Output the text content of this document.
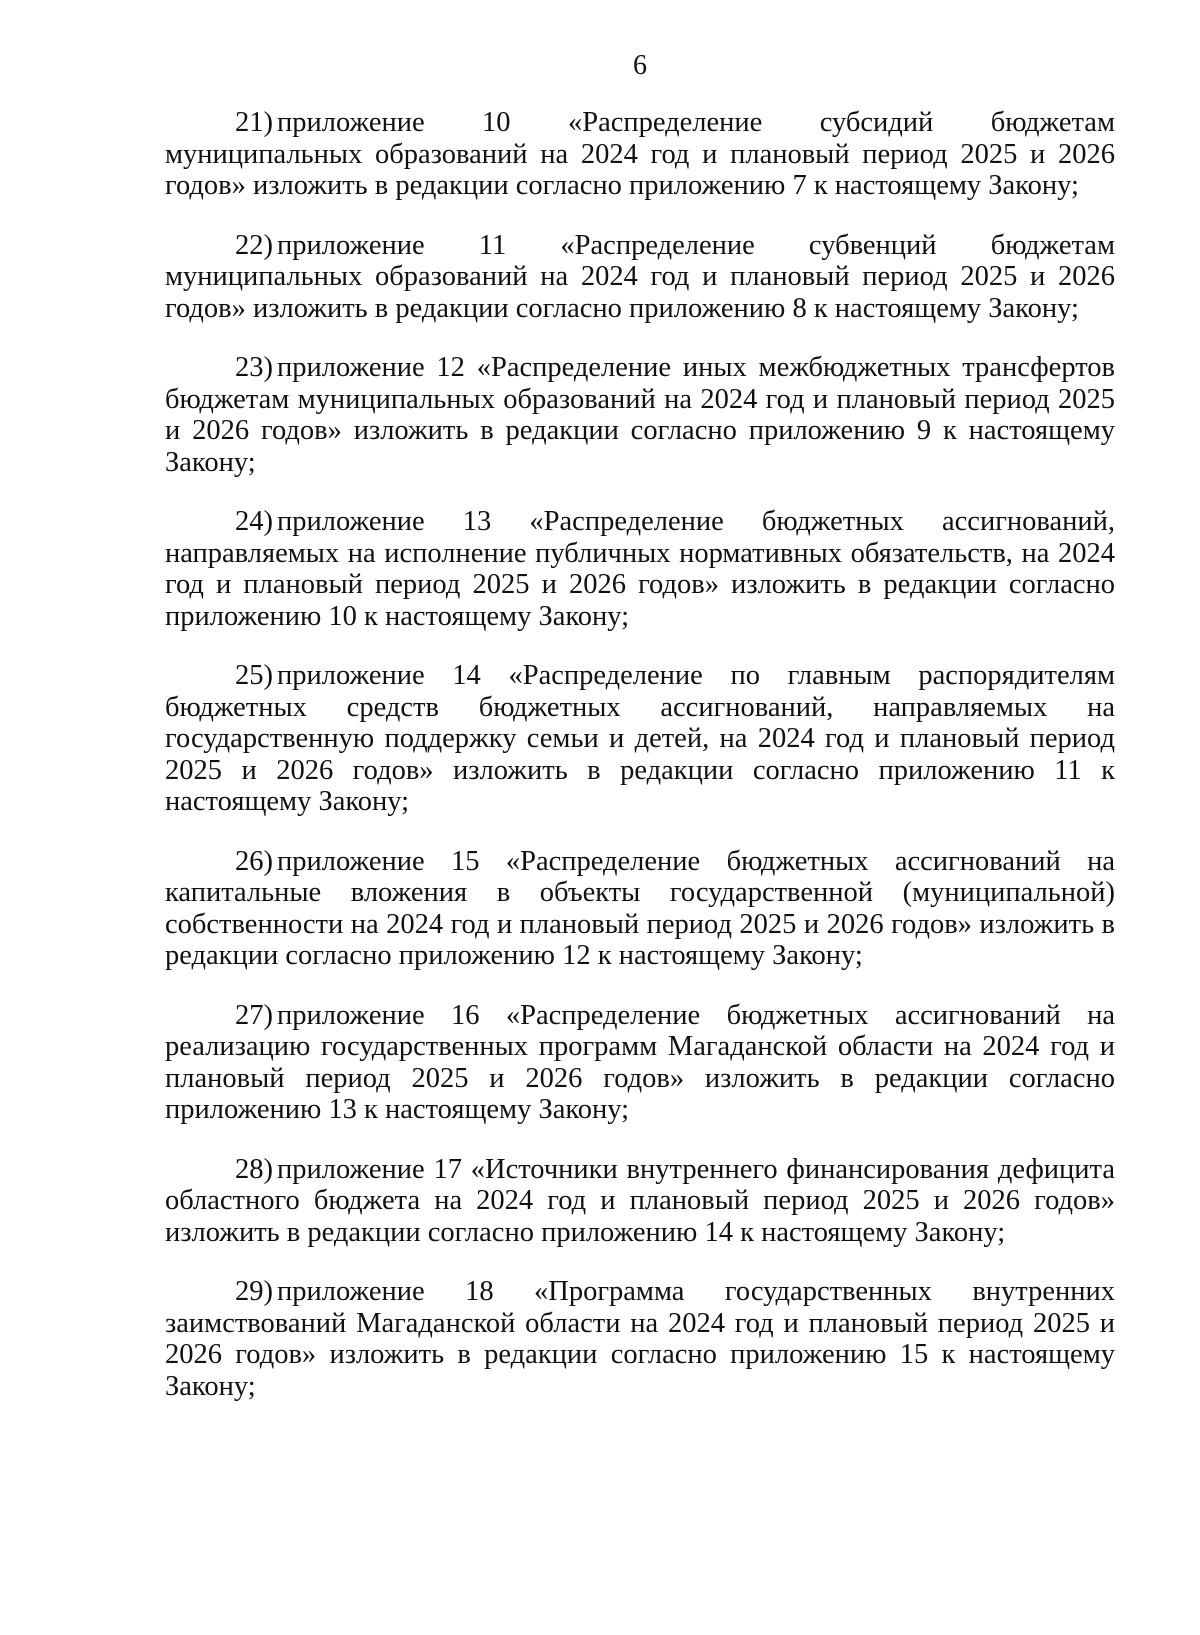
6

21) приложение 10 «Распределение субсидий бюджетам муниципальных образований на 2024 год и плановый период 2025 и 2026 годов» изложить в редакции согласно приложению 7 к настоящему Закону;

22) приложение 11 «Распределение субвенций бюджетам муниципальных образований на 2024 год и плановый период 2025 и 2026 годов» изложить в редакции согласно приложению 8 к настоящему Закону;

23) приложение 12 «Распределение иных межбюджетных трансфертов бюджетам муниципальных образований на 2024 год и плановый период 2025 и 2026 годов» изложить в редакции согласно приложению 9 к настоящему Закону;

24) приложение 13 «Распределение бюджетных ассигнований, направляемых на исполнение публичных нормативных обязательств, на 2024 год и плановый период 2025 и 2026 годов» изложить в редакции согласно приложению 10 к настоящему Закону;

25) приложение 14 «Распределение по главным распорядителям бюджетных средств бюджетных ассигнований, направляемых на государственную поддержку семьи и детей, на 2024 год и плановый период 2025 и 2026 годов» изложить в редакции согласно приложению 11 к настоящему Закону;

26) приложение 15 «Распределение бюджетных ассигнований на капитальные вложения в объекты государственной (муниципальной) собственности на 2024 год и плановый период 2025 и 2026 годов» изложить в редакции согласно приложению 12 к настоящему Закону;

27) приложение 16 «Распределение бюджетных ассигнований на реализацию государственных программ Магаданской области на 2024 год и плановый период 2025 и 2026 годов» изложить в редакции согласно приложению 13 к настоящему Закону;

28) приложение 17 «Источники внутреннего финансирования дефицита областного бюджета на 2024 год и плановый период 2025 и 2026 годов» изложить в редакции согласно приложению 14 к настоящему Закону;

29) приложение 18 «Программа государственных внутренних заимствований Магаданской области на 2024 год и плановый период 2025 и 2026 годов» изложить в редакции согласно приложению 15 к настоящему Закону;
